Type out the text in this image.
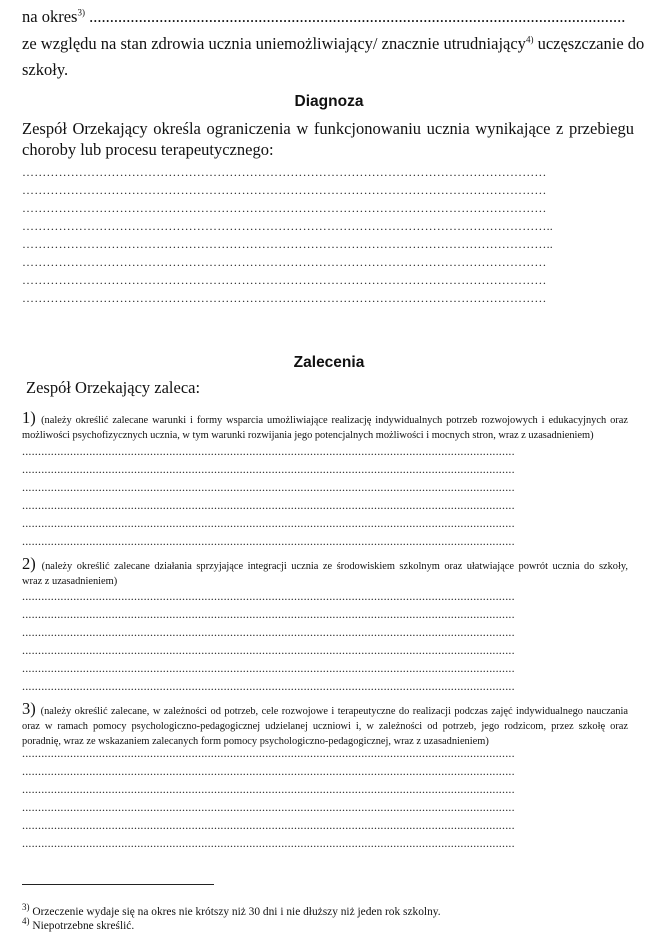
na okres$^{3)}$ ..................................................................................................................................
ze względu na stan zdrowia ucznia uniemożliwiający/ znacznie utrudniający$^{4)}$ uczęszczanie do
szkoły.
Diagnoza
Zespół Orzekający określa ograniczenia w funkcjonowaniu ucznia wynikające z przebiegu
choroby lub procesu terapeutycznego:
…………………………………………………………………………………………………………………
…………………………………………………………………………………………………………………
…………………………………………………………………………………………………………………
…………………………………………………………………………………………………………………..
…………………………………………………………………………………………………………………..
…………………………………………………………………………………………………………………
…………………………………………………………………………………………………………………
…………………………………………………………………………………………………………………
Zalecenia
Zespół Orzekający zaleca:
1) (należy określić zalecane warunki i formy wsparcia umożliwiające realizację indywidualnych potrzeb rozwojowych i edukacyjnych oraz
możliwości psychofizycznych ucznia, w tym warunki rozwijania jego potencjalnych możliwości i mocnych stron, wraz z uzasadnieniem)
..........................................................................................................................................................
..........................................................................................................................................................
..........................................................................................................................................................
..........................................................................................................................................................
..........................................................................................................................................................
..........................................................................................................................................................
2) (należy określić zalecane działania sprzyjające integracji ucznia ze środowiskiem szkolnym oraz ułatwiające powrót ucznia do szkoły,
wraz z uzasadnieniem)
..........................................................................................................................................................
..........................................................................................................................................................
..........................................................................................................................................................
..........................................................................................................................................................
..........................................................................................................................................................
..........................................................................................................................................................
3) (należy określić zalecane, w zależności od potrzeb, cele rozwojowe i terapeutyczne do realizacji podczas zajęć indywidualnego nauczania
oraz w ramach pomocy psychologiczno-pedagogicznej udzielanej uczniowi i, w zależności od potrzeb, jego rodzicom, przez szkołę oraz
poradnię, wraz ze wskazaniem zalecanych form pomocy psychologiczno-pedagogicznej, wraz z uzasadnieniem)
..........................................................................................................................................................
..........................................................................................................................................................
..........................................................................................................................................................
..........................................................................................................................................................
..........................................................................................................................................................
..........................................................................................................................................................
$^{3)}$ Orzeczenie wydaje się na okres nie krótszy niż 30 dni i nie dłuższy niż jeden rok szkolny.
$^{4)}$ Niepotrzebne skreślić.
